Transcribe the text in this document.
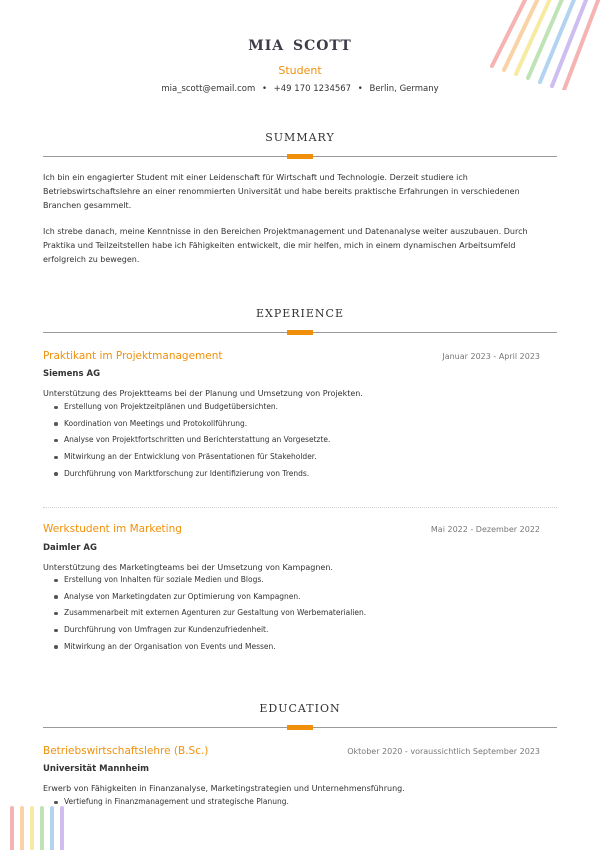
MIA SCOTT
Student
mia_scott@email.com • +49 170 1234567 • Berlin, Germany
SUMMARY

Ich bin ein engagierter Student mit einer Leidenschaft für Wirtschaft und Technologie. Derzeit studiere ich Betriebswirtschaftslehre an einer renommierten Universität und habe bereits praktische Erfahrungen in verschiedenen Branchen gesammelt.

Ich strebe danach, meine Kenntnisse in den Bereichen Projektmanagement und Datenanalyse weiter auszubauen. Durch Praktika und Teilzeitstellen habe ich Fähigkeiten entwickelt, die mir helfen, mich in einem dynamischen Arbeitsumfeld erfolgreich zu bewegen.

EXPERIENCE
Praktikant im Projektmanagement	Januar 2023 - April 2023
Siemens AG
Unterstützung des Projektteams bei der Planung und Umsetzung von Projekten.
Erstellung von Projektzeitplänen und Budgetübersichten.
Koordination von Meetings und Protokollführung.
Analyse von Projektfortschritten und Berichterstattung an Vorgesetzte.
Mitwirkung an der Entwicklung von Präsentationen für Stakeholder.
Durchführung von Marktforschung zur Identifizierung von Trends.
Werkstudent im Marketing	Mai 2022 - Dezember 2022
Daimler AG
Unterstützung des Marketingteams bei der Umsetzung von Kampagnen.
Erstellung von Inhalten für soziale Medien und Blogs.
Analyse von Marketingdaten zur Optimierung von Kampagnen.
Zusammenarbeit mit externen Agenturen zur Gestaltung von Werbematerialien.
Durchführung von Umfragen zur Kundenzufriedenheit.
Mitwirkung an der Organisation von Events und Messen.
EDUCATION
Betriebswirtschaftslehre (B.Sc.)	Oktober 2020 - voraussichtlich September 2023
Universität Mannheim
Erwerb von Fähigkeiten in Finanzanalyse, Marketingstrategien und Unternehmensführung.
Vertiefung in Finanzmanagement und strategische Planung.
